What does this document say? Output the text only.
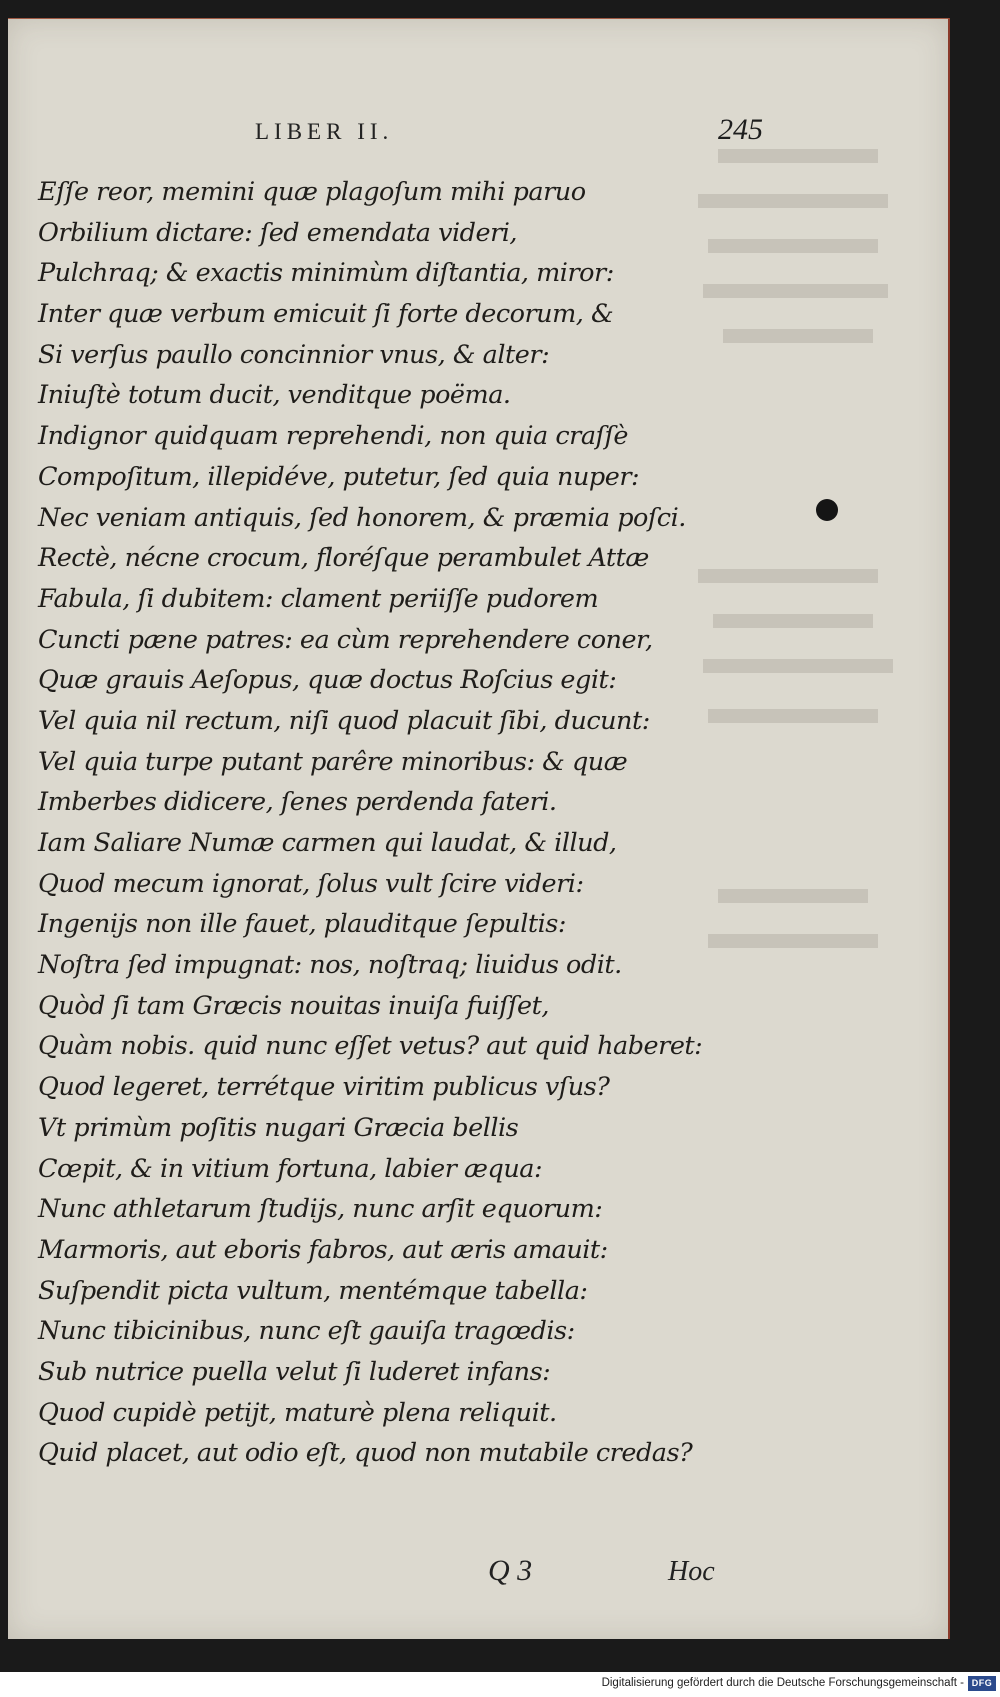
LIBER II.	245
Eſſe reor, memini quæ plagoſum mihi paruo
Orbilium dictare: ſed emendata videri,
Pulchraq; & exactis minimùm diſtantia, miror:
Inter quæ verbum emicuit ſi forte decorum, &
Si verſus paullo concinnior vnus, & alter:
Iniuſtè totum ducit, venditque poëma.
Indignor quidquam reprehendi, non quia craſſè
Compoſitum, illepidéve, putetur, ſed quia nuper:
Nec veniam antiquis, ſed honorem, & præmia poſci.
Rectè, nécne crocum, floréſque perambulet Attæ
Fabula, ſi dubitem: clament periiſſe pudorem
Cuncti pæne patres: ea cùm reprehendere coner,
Quæ grauis Aeſopus, quæ doctus Roſcius egit:
Vel quia nil rectum, niſi quod placuit ſibi, ducunt:
Vel quia turpe putant parêre minoribus: & quæ
Imberbes didicere, ſenes perdenda fateri.
Iam Saliare Numæ carmen qui laudat, & illud,
Quod mecum ignorat, ſolus vult ſcire videri:
Ingenijs non ille fauet, plauditque ſepultis:
Noſtra ſed impugnat: nos, noſtraq; liuidus odit.
Quòd ſi tam Græcis nouitas inuiſa fuiſſet,
Quàm nobis. quid nunc eſſet vetus? aut quid haberet:
Quod legeret, terrétque viritim publicus vſus?
Vt primùm poſitis nugari Græcia bellis
Cœpit, & in vitium fortuna, labier æqua:
Nunc athletarum ſtudijs, nunc arſit equorum:
Marmoris, aut eboris fabros, aut æris amauit:
Suſpendit picta vultum, mentémque tabella:
Nunc tibicinibus, nunc eſt gauiſa tragœdis:
Sub nutrice puella velut ſi luderet infans:
Quod cupidè petijt, maturè plena reliquit.
Quid placet, aut odio eſt, quod non mutabile credas?
Q 3	Hoc
Digitalisierung gefördert durch die Deutsche Forschungsgemeinschaft - DFG
